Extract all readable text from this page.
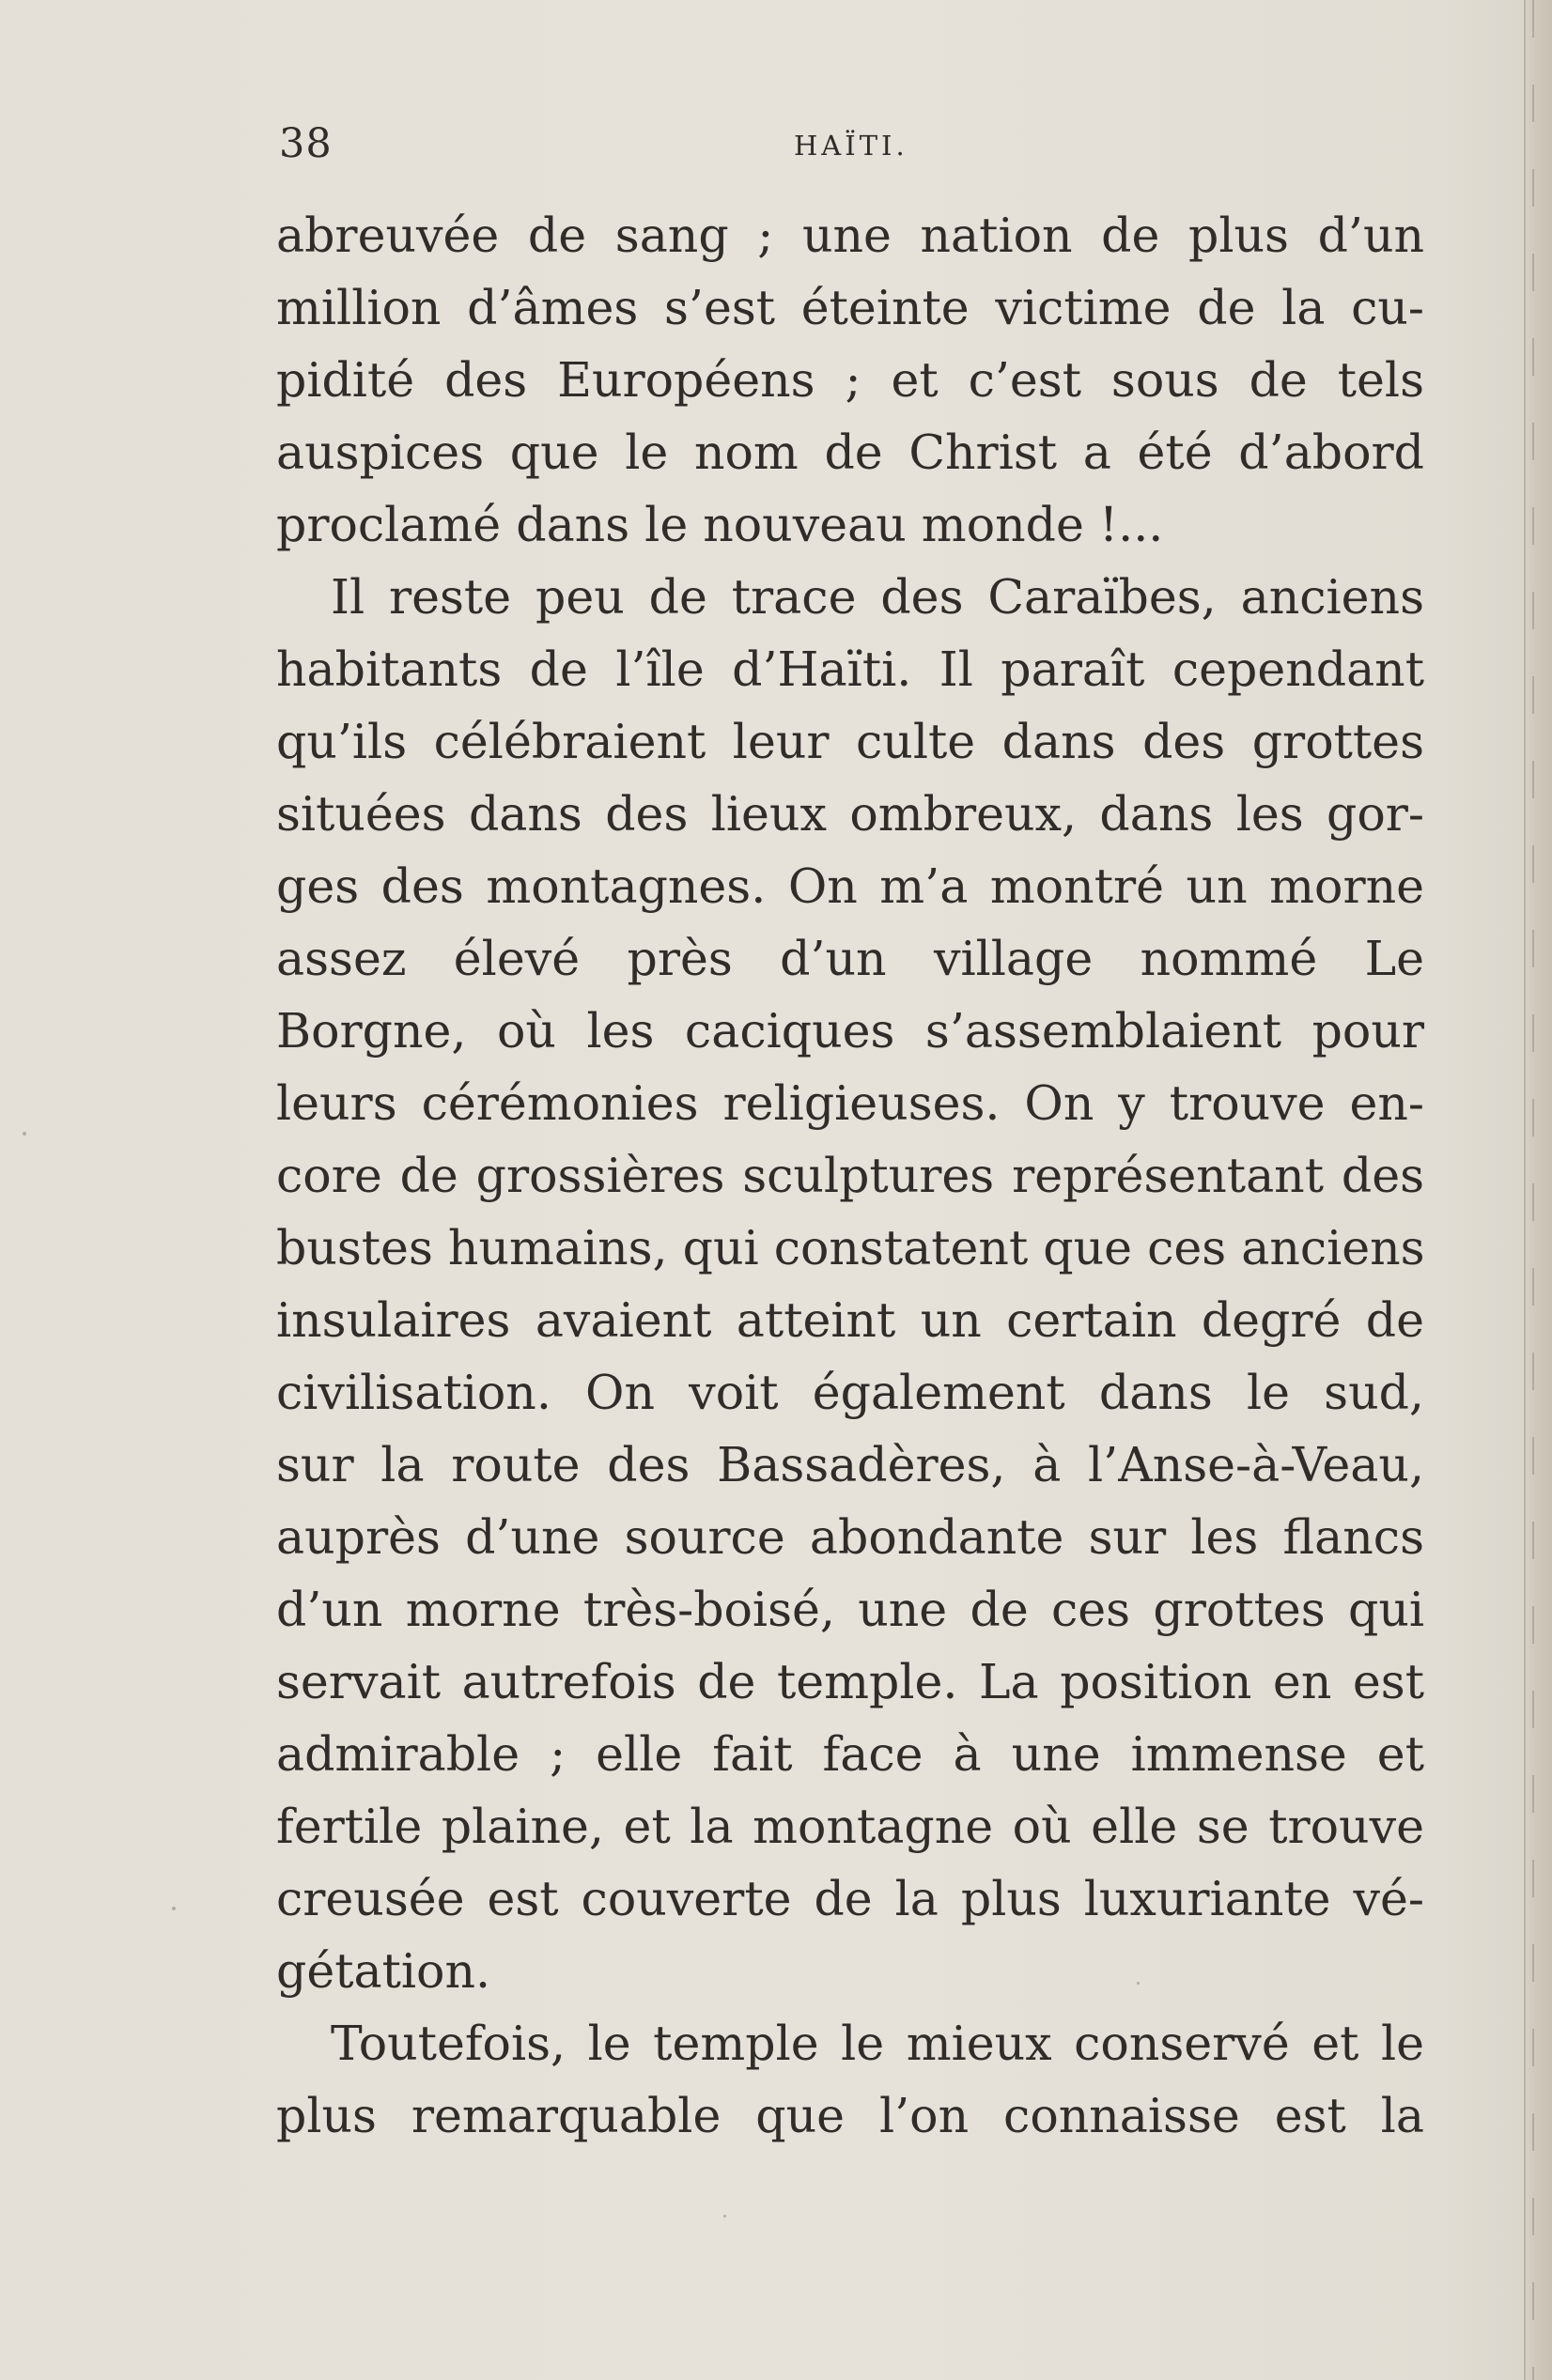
38	HAÏTI.
abreuvée de sang ; une nation de plus d’un
million d’âmes s’est éteinte victime de la cu-
pidité des Européens ; et c’est sous de tels
auspices que le nom de Christ a été d’abord
proclamé dans le nouveau monde !...
Il reste peu de trace des Caraïbes, anciens
habitants de l’île d’Haïti. Il paraît cependant
qu’ils célébraient leur culte dans des grottes
situées dans des lieux ombreux, dans les gor-
ges des montagnes. On m’a montré un morne
assez élevé près d’un village nommé Le
Borgne, où les caciques s’assemblaient pour
leurs cérémonies religieuses. On y trouve en-
core de grossières sculptures représentant des
bustes humains, qui constatent que ces anciens
insulaires avaient atteint un certain degré de
civilisation. On voit également dans le sud,
sur la route des Bassadères, à l’Anse-à-Veau,
auprès d’une source abondante sur les flancs
d’un morne très-boisé, une de ces grottes qui
servait autrefois de temple. La position en est
admirable ; elle fait face à une immense et
fertile plaine, et la montagne où elle se trouve
creusée est couverte de la plus luxuriante vé-
gétation.
Toutefois, le temple le mieux conservé et le
plus remarquable que l’on connaisse est la
